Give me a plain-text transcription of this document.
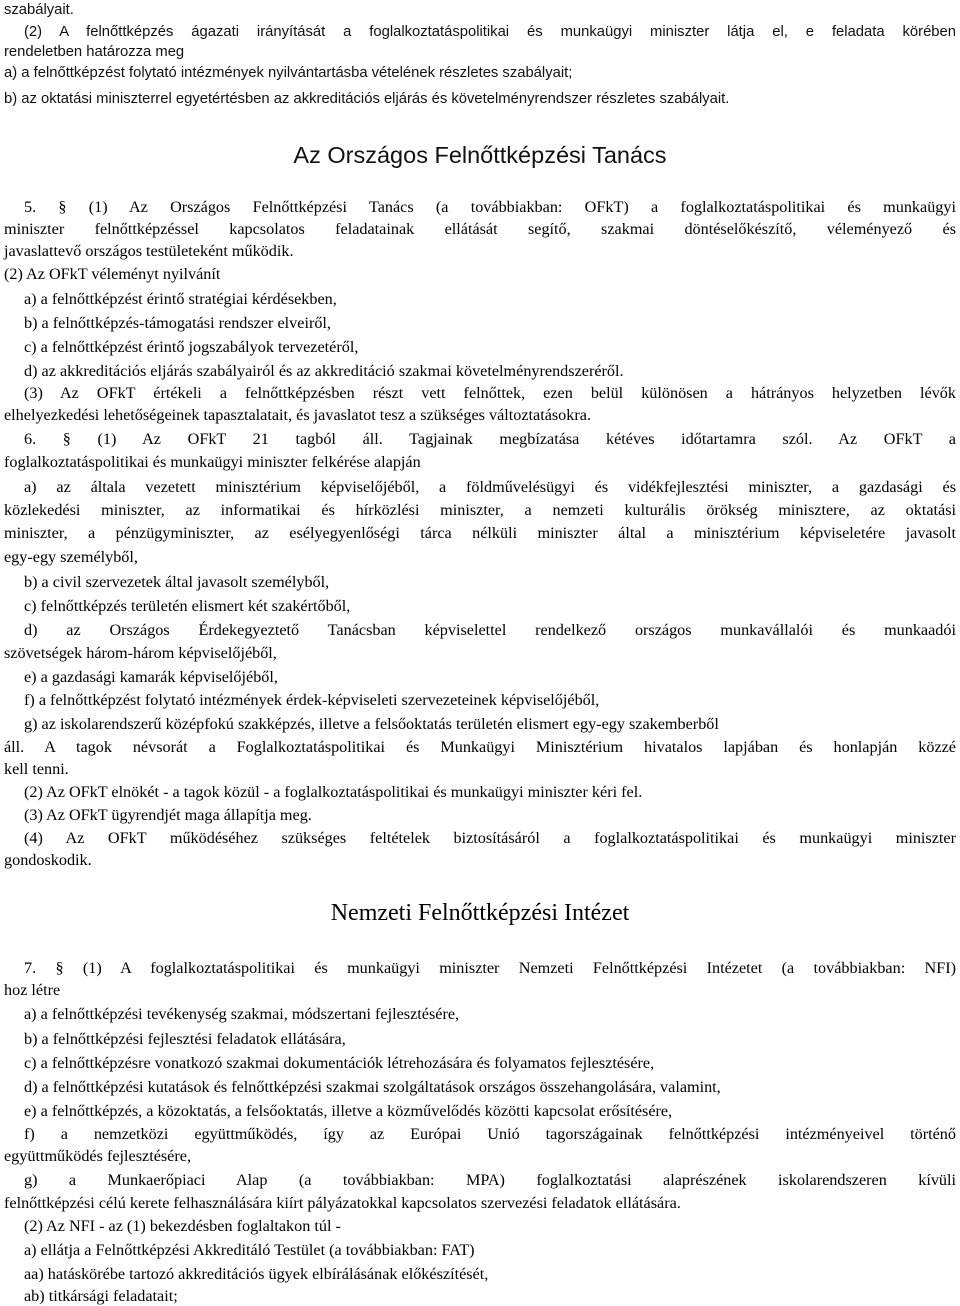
Az Országos Felnőttképzési Tanács
Nemzeti Felnőttképzési Intézet

szabályait.

(2) A felnőttképzés ágazati irányítását a foglalkoztatáspolitikai és munkaügyi miniszter látja el, e feladata körében

rendeletben határozza meg

a) a felnőttképzést folytató intézmények nyilvántartásba vételének részletes szabályait;

b) az oktatási miniszterrel egyetértésben az akkreditációs eljárás és követelményrendszer részletes szabályait.

5. § (1) Az Országos Felnőttképzési Tanács (a továbbiakban: OFkT) a foglalkoztatáspolitikai és munkaügyi

miniszter felnőttképzéssel kapcsolatos feladatainak ellátását segítő, szakmai döntéselőkészítő, véleményező és

javaslattevő országos testületeként működik.

(2) Az OFkT véleményt nyilvánít

a) a felnőttképzést érintő stratégiai kérdésekben,

b) a felnőttképzés-támogatási rendszer elveiről,

c) a felnőttképzést érintő jogszabályok tervezetéről,

d) az akkreditációs eljárás szabályairól és az akkreditáció szakmai követelményrendszeréről.

(3) Az OFkT értékeli a felnőttképzésben részt vett felnőttek, ezen belül különösen a hátrányos helyzetben lévők

elhelyezkedési lehetőségeinek tapasztalatait, és javaslatot tesz a szükséges változtatásokra.

6. § (1) Az OFkT 21 tagból áll. Tagjainak megbízatása kétéves időtartamra szól. Az OFkT a

foglalkoztatáspolitikai és munkaügyi miniszter felkérése alapján

a) az általa vezetett minisztérium képviselőjéből, a földművelésügyi és vidékfejlesztési miniszter, a gazdasági és

közlekedési miniszter, az informatikai és hírközlési miniszter, a nemzeti kulturális örökség minisztere, az oktatási

miniszter, a pénzügyminiszter, az esélyegyenlőségi tárca nélküli miniszter által a minisztérium képviseletére javasolt

egy-egy személyből,

b) a civil szervezetek által javasolt személyből,

c) felnőttképzés területén elismert két szakértőből,

d) az Országos Érdekegyeztető Tanácsban képviselettel rendelkező országos munkavállalói és munkaadói

szövetségek három-három képviselőjéből,

e) a gazdasági kamarák képviselőjéből,

f) a felnőttképzést folytató intézmények érdek-képviseleti szervezeteinek képviselőjéből,

g) az iskolarendszerű középfokú szakképzés, illetve a felsőoktatás területén elismert egy-egy szakemberből

áll. A tagok névsorát a Foglalkoztatáspolitikai és Munkaügyi Minisztérium hivatalos lapjában és honlapján közzé

kell tenni.

(2) Az OFkT elnökét - a tagok közül - a foglalkoztatáspolitikai és munkaügyi miniszter kéri fel.

(3) Az OFkT ügyrendjét maga állapítja meg.

(4) Az OFkT működéséhez szükséges feltételek biztosításáról a foglalkoztatáspolitikai és munkaügyi miniszter

gondoskodik.

7. § (1) A foglalkoztatáspolitikai és munkaügyi miniszter Nemzeti Felnőttképzési Intézetet (a továbbiakban: NFI)

hoz létre

a) a felnőttképzési tevékenység szakmai, módszertani fejlesztésére,

b) a felnőttképzési fejlesztési feladatok ellátására,

c) a felnőttképzésre vonatkozó szakmai dokumentációk létrehozására és folyamatos fejlesztésére,

d) a felnőttképzési kutatások és felnőttképzési szakmai szolgáltatások országos összehangolására, valamint,

e) a felnőttképzés, a közoktatás, a felsőoktatás, illetve a közművelődés közötti kapcsolat erősítésére,

f) a nemzetközi együttműködés, így az Európai Unió tagországainak felnőttképzési intézményeivel történő

együttműködés fejlesztésére,

g) a Munkaerőpiaci Alap (a továbbiakban: MPA) foglalkoztatási alaprészének iskolarendszeren kívüli

felnőttképzési célú kerete felhasználására kiírt pályázatokkal kapcsolatos szervezési feladatok ellátására.

(2) Az NFI - az (1) bekezdésben foglaltakon túl -

a) ellátja a Felnőttképzési Akkreditáló Testület (a továbbiakban: FAT)

aa) hatáskörébe tartozó akkreditációs ügyek elbírálásának előkészítését,

ab) titkársági feladatait;
